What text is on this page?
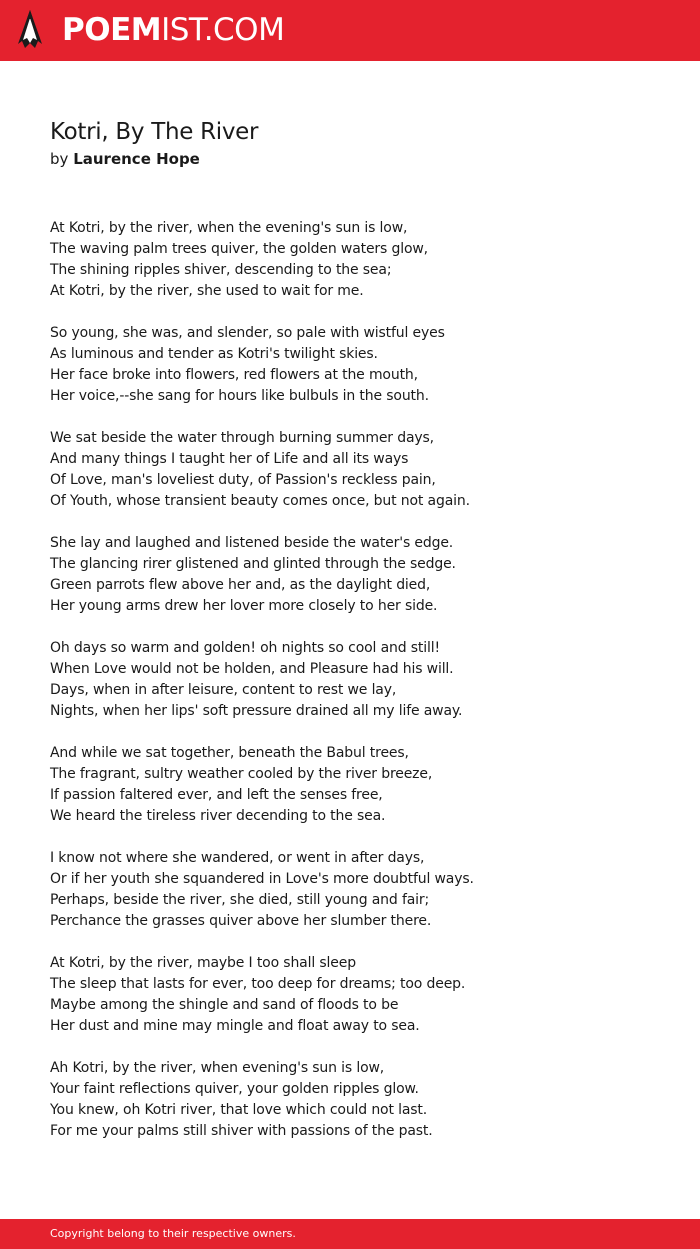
POEMIST.COM
Kotri, By The River
by Laurence Hope
At Kotri, by the river, when the evening's sun is low,
The waving palm trees quiver, the golden waters glow,
The shining ripples shiver, descending to the sea;
At Kotri, by the river, she used to wait for me.
So young, she was, and slender, so pale with wistful eyes
As luminous and tender as Kotri's twilight skies.
Her face broke into flowers, red flowers at the mouth,
Her voice,--she sang for hours like bulbuls in the south.
We sat beside the water through burning summer days,
And many things I taught her of Life and all its ways
Of Love, man's loveliest duty, of Passion's reckless pain,
Of Youth, whose transient beauty comes once, but not again.
She lay and laughed and listened beside the water's edge.
The glancing rirer glistened and glinted through the sedge.
Green parrots flew above her and, as the daylight died,
Her young arms drew her lover more closely to her side.
Oh days so warm and golden! oh nights so cool and still!
When Love would not be holden, and Pleasure had his will.
Days, when in after leisure, content to rest we lay,
Nights, when her lips' soft pressure drained all my life away.
And while we sat together, beneath the Babul trees,
The fragrant, sultry weather cooled by the river breeze,
If passion faltered ever, and left the senses free,
We heard the tireless river decending to the sea.
I know not where she wandered, or went in after days,
Or if her youth she squandered in Love's more doubtful ways.
Perhaps, beside the river, she died, still young and fair;
Perchance the grasses quiver above her slumber there.
At Kotri, by the river, maybe I too shall sleep
The sleep that lasts for ever, too deep for dreams; too deep.
Maybe among the shingle and sand of floods to be
Her dust and mine may mingle and float away to sea.
Ah Kotri, by the river, when evening's sun is low,
Your faint reflections quiver, your golden ripples glow.
You knew, oh Kotri river, that love which could not last.
For me your palms still shiver with passions of the past.
Copyright belong to their respective owners.
